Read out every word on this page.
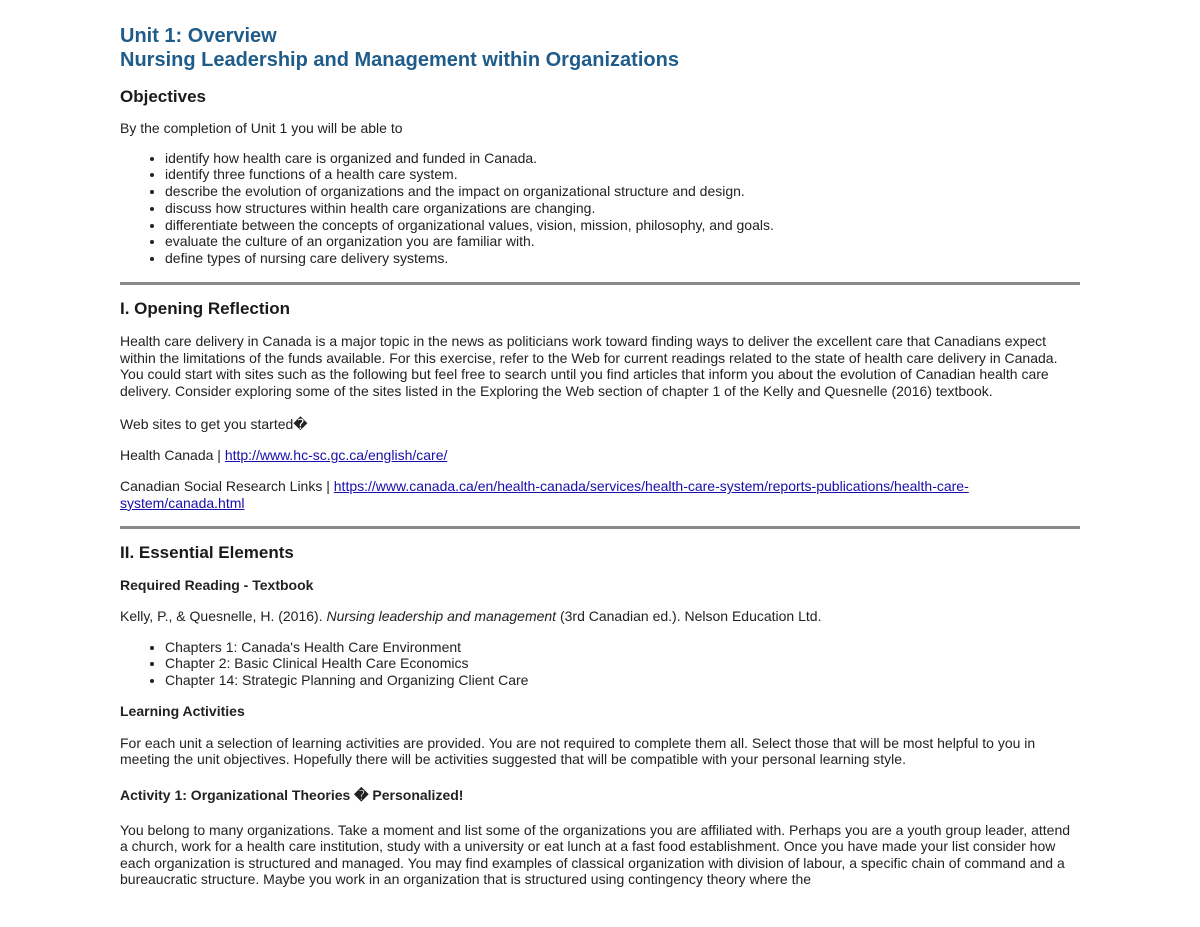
Unit 1: Overview
Nursing Leadership and Management within Organizations
Objectives

By the completion of Unit 1 you will be able to

• identify how health care is organized and funded in Canada.
• identify three functions of a health care system.
• describe the evolution of organizations and the impact on organizational structure and design.
• discuss how structures within health care organizations are changing.
• differentiate between the concepts of organizational values, vision, mission, philosophy, and goals.
• evaluate the culture of an organization you are familiar with.
• define types of nursing care delivery systems.
I. Opening Reflection

Health care delivery in Canada is a major topic in the news as politicians work toward finding ways to deliver the excellent care that Canadians expect within the limitations of the funds available. For this exercise, refer to the Web for current readings related to the state of health care delivery in Canada. You could start with sites such as the following but feel free to search until you find articles that inform you about the evolution of Canadian health care delivery. Consider exploring some of the sites listed in the Exploring the Web section of chapter 1 of the Kelly and Quesnelle (2016) textbook.

Web sites to get you started�

Health Canada | http://www.hc-sc.gc.ca/english/care/

Canadian Social Research Links | https://www.canada.ca/en/health-canada/services/health-care-system/reports-publications/health-care-system/canada.html

II. Essential Elements

Required Reading - Textbook

Kelly, P., & Quesnelle, H. (2016). Nursing leadership and management (3rd Canadian ed.). Nelson Education Ltd.

• Chapters 1: Canada's Health Care Environment
• Chapter 2: Basic Clinical Health Care Economics
• Chapter 14: Strategic Planning and Organizing Client Care

Learning Activities

For each unit a selection of learning activities are provided. You are not required to complete them all. Select those that will be most helpful to you in meeting the unit objectives. Hopefully there will be activities suggested that will be compatible with your personal learning style.

Activity 1: Organizational Theories � Personalized!

You belong to many organizations. Take a moment and list some of the organizations you are affiliated with. Perhaps you are a youth group leader, attend a church, work for a health care institution, study with a university or eat lunch at a fast food establishment. Once you have made your list consider how each organization is structured and managed. You may find examples of classical organization with division of labour, a specific chain of command and a bureaucratic structure. Maybe you work in an organization that is structured using contingency theory where the
